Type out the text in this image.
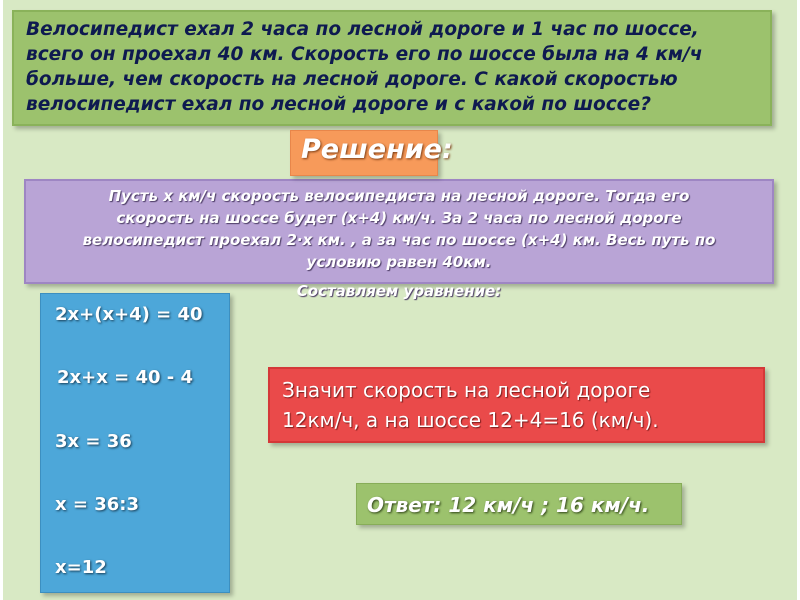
Велосипедист ехал 2 часа по лесной дороге и 1 час по шоссе,
всего он проехал 40 км. Скорость его по шоссе была на 4 км/ч
больше, чем скорость на лесной дороге. С какой скоростью
велосипедист ехал по лесной дороге и с какой по шоссе?
Пусть х км/ч скорость велосипедиста на лесной дороге. Тогда его
скорость на шоссе будет (х+4) км/ч. За 2 часа по лесной дороге
велосипедист проехал 2·х км. , а за час по шоссе (х+4) км. Весь путь по
условию равен 40км.
Составляем уравнение:
Решение:
2х+(х+4) = 40
2х+х = 40 - 4
3х = 36
х = 36:3
х=12
Значит скорость на лесной дороге
12км/ч, а на шоссе 12+4=16 (км/ч).
Ответ: 12 км/ч ; 16 км/ч.
